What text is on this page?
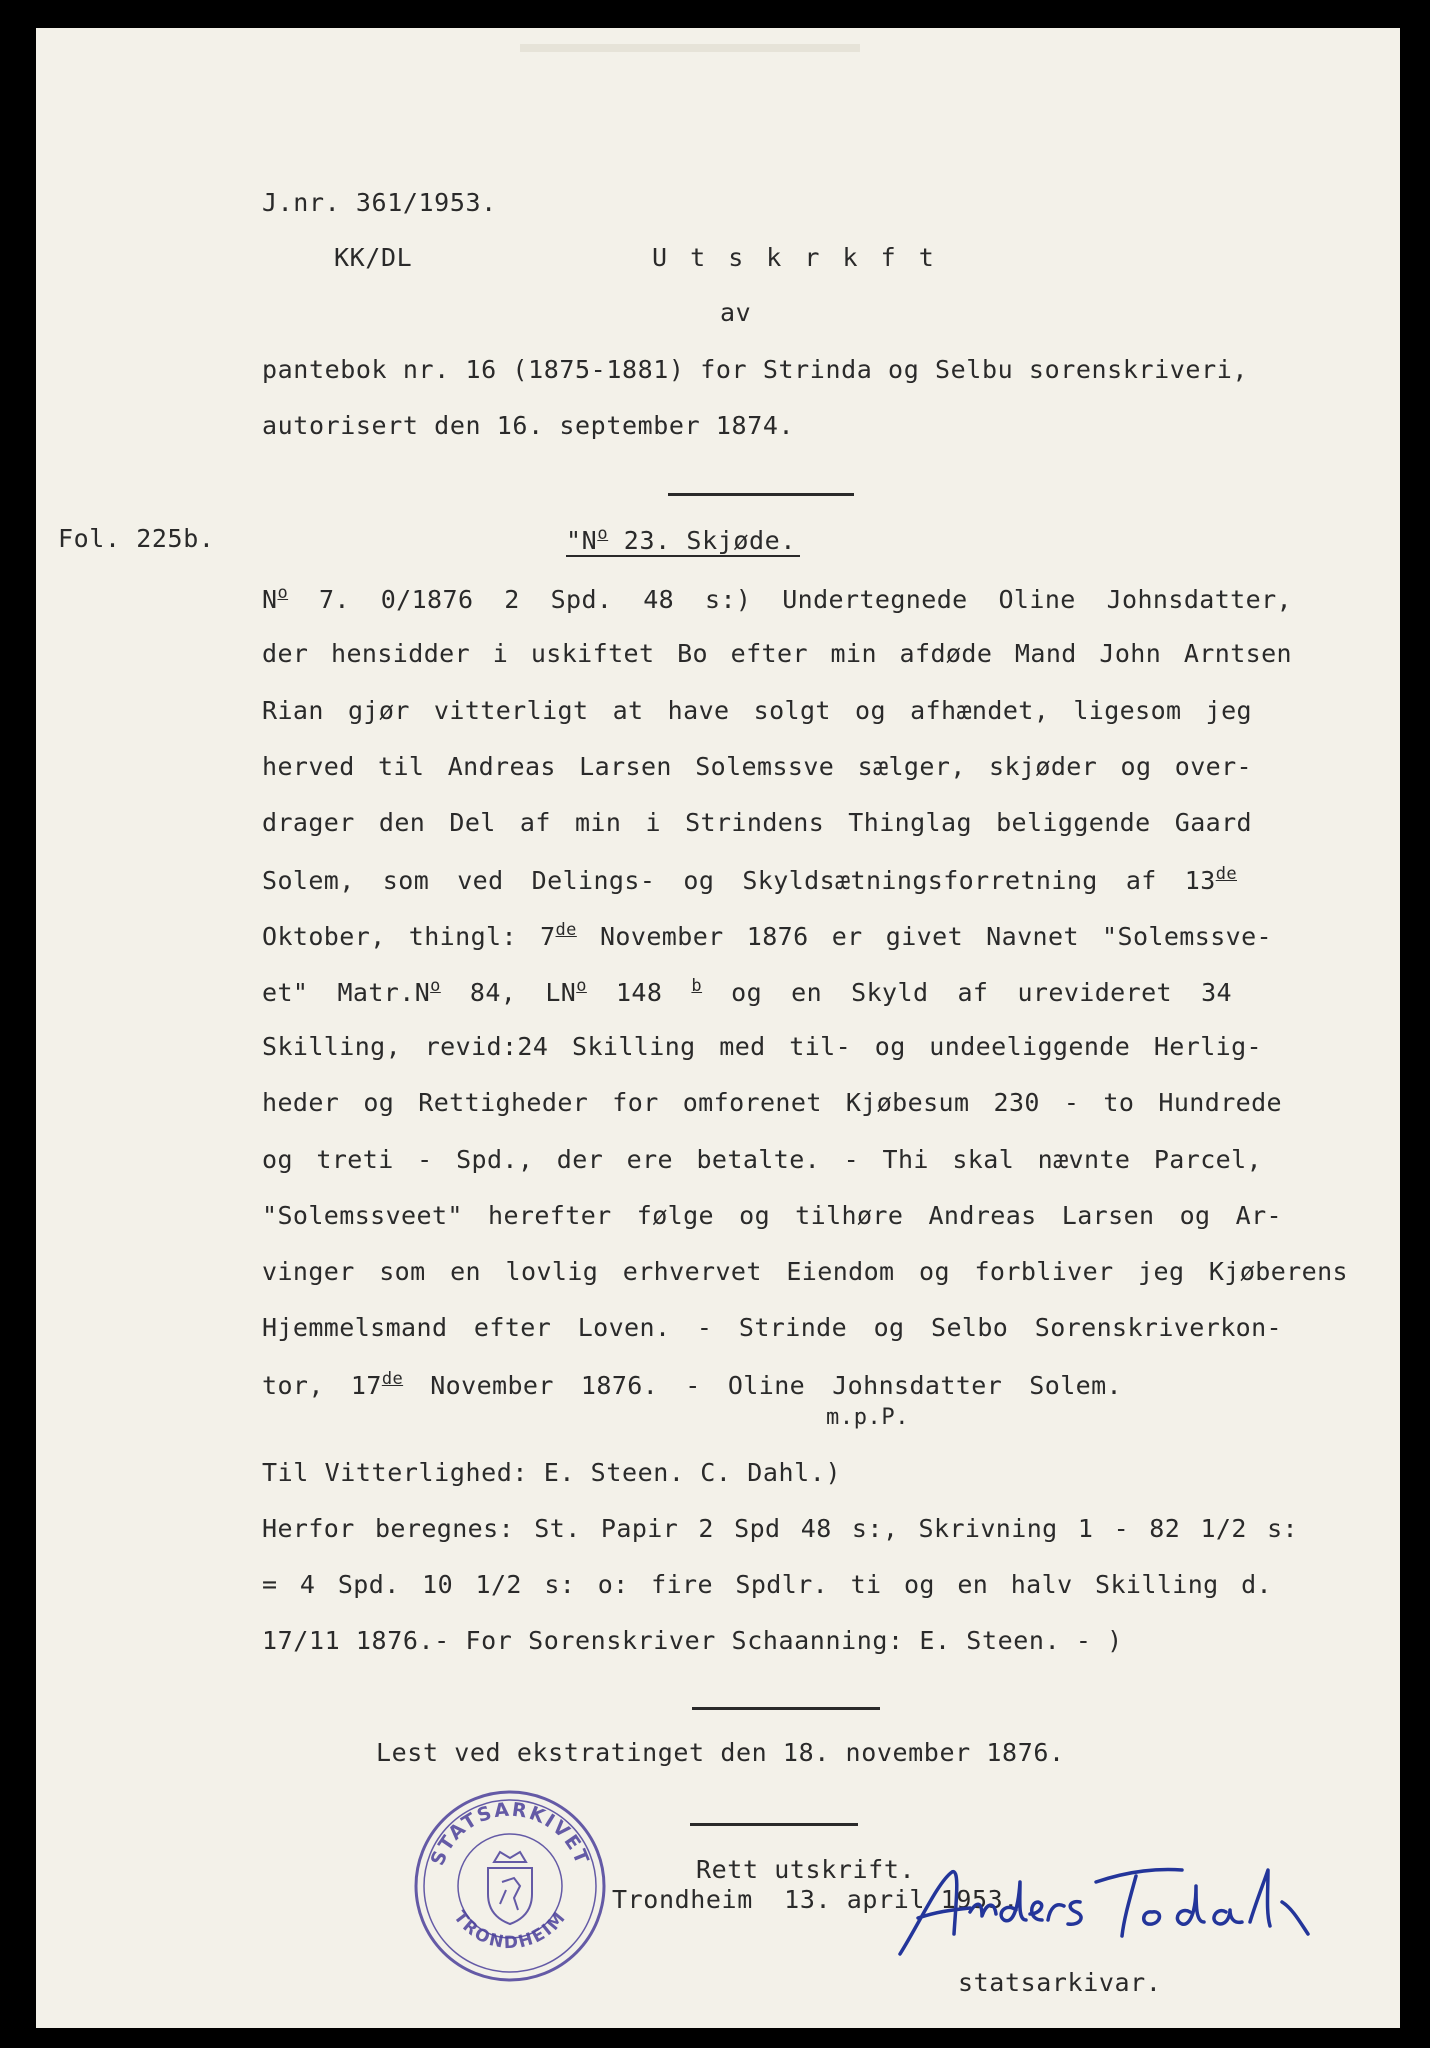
J.nr. 361/1953.

KK/DL	U t s k r k f t

av

pantebok nr. 16 (1875-1881) for Strinda og Selbu sorenskriveri,

autorisert den 16. september 1874.

Fol. 225b.	"$N^o$ 23. Skjøde.

$N^o$ 7. 0/1876 2 Spd. 48 s:) Undertegnede Oline Johnsdatter,

der hensidder i uskiftet Bo efter min afdøde Mand John Arntsen

Rian gjør vitterligt at have solgt og afhændet, ligesom jeg

herved til Andreas Larsen Solemssve sælger, skjøder og over-

drager den Del af min i Strindens Thinglag beliggende Gaard

Solem, som ved Delings- og Skyldsætningsforretning af 13de

Oktober, thingl: 7de November 1876 er givet Navnet "Solemssve-

et" $Matr.N^o$ 84, $LN^o$ 148 $^b$ og en Skyld af urevideret 34

Skilling, revid:24 Skilling med til- og undeeliggende Herlig-

heder og Rettigheder for omforenet Kjøbesum 230 - to Hundrede

og treti - Spd., der ere betalte. - Thi skal nævnte Parcel,

"Solemssveet" herefter følge og tilhøre Andreas Larsen og Ar-

vinger som en lovlig erhvervet Eiendom og forbliver jeg Kjøberens

Hjemmelsmand efter Loven. - Strinde og Selbo Sorenskriverkon-

tor, 17de November 1876. - Oline Johnsdatter Solem.

m.p.P.

Til Vitterlighed: E. Steen. C. Dahl.)

Herfor beregnes: St. Papir 2 Spd 48 s:, Skrivning 1 - 82 1/2 s:

= 4 Spd. 10 1/2 s: o: fire Spdlr. ti og en halv Skilling d.

17/11 1876.- For Sorenskriver Schaanning: E. Steen. - )

Lest ved ekstratinget den 18. november 1876.

Rett utskrift.

Trondheim  13. april 1953.

statsarkivar.

STATSARKIVET
TRONDHEIM
Anders Todal
